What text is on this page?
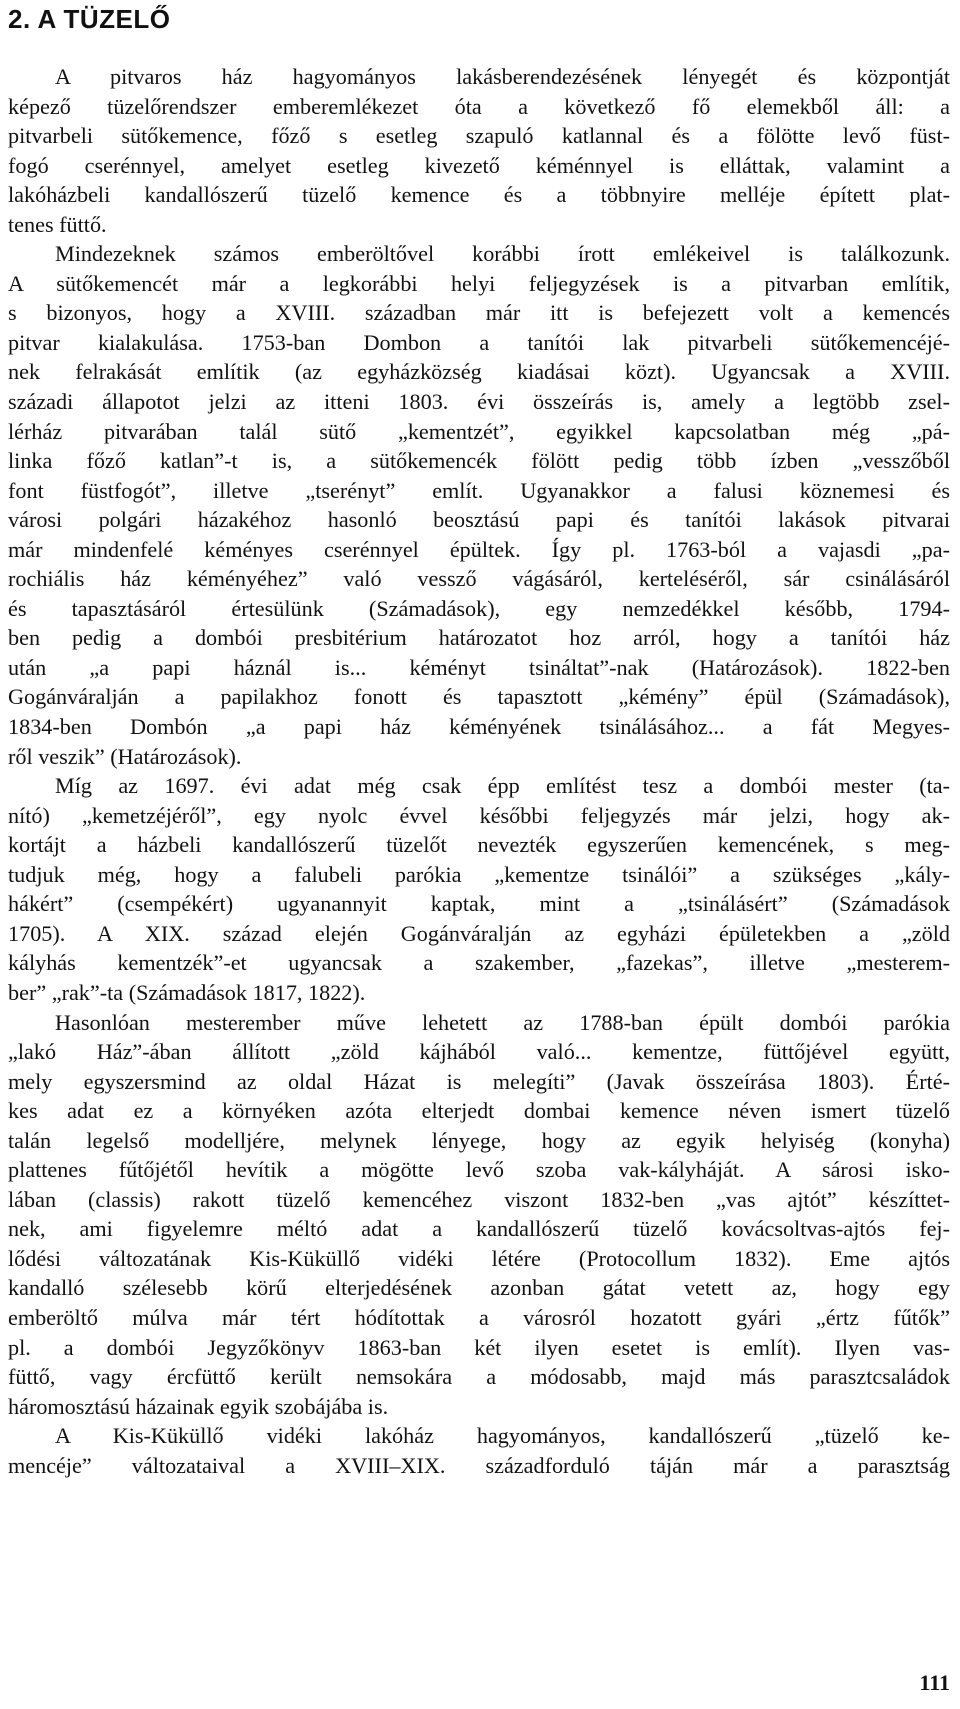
2. A TÜZELŐ
A pitvaros ház hagyományos lakásberendezésének lényegét és központját
képező tüzelőrendszer emberemlékezet óta a következő fő elemekből áll: a
pitvarbeli sütőkemence, főző s esetleg szapuló katlannal és a fölötte levő füst-
fogó cserénnyel, amelyet esetleg kivezető kéménnyel is elláttak, valamint a
lakóházbeli kandallószerű tüzelő kemence és a többnyire melléje épített plat-
tenes füttő.
Mindezeknek számos emberöltővel korábbi írott emlékeivel is találkozunk.
A sütőkemencét már a legkorábbi helyi feljegyzések is a pitvarban említik,
s bizonyos, hogy a XVIII. században már itt is befejezett volt a kemencés
pitvar kialakulása. 1753-ban Dombon a tanítói lak pitvarbeli sütőkemencéjé-
nek felrakását említik (az egyházközség kiadásai közt). Ugyancsak a XVIII.
századi állapotot jelzi az itteni 1803. évi összeírás is, amely a legtöbb zsel-
lérház pitvarában talál sütő „kementzét”, egyikkel kapcsolatban még „pá-
linka főző katlan”-t is, a sütőkemencék fölött pedig több ízben „vesszőből
font füstfogót”, illetve „tserényt” említ. Ugyanakkor a falusi köznemesi és
városi polgári házakéhoz hasonló beosztású papi és tanítói lakások pitvarai
már mindenfelé kéményes cserénnyel épültek. Így pl. 1763-ból a vajasdi „pa-
rochiális ház kéményéhez” való vessző vágásáról, kerteléséről, sár csinálásáról
és tapasztásáról értesülünk (Számadások), egy nemzedékkel később, 1794-
ben pedig a dombói presbitérium határozatot hoz arról, hogy a tanítói ház
után „a papi háznál is... kéményt tsináltat”-nak (Határozások). 1822-ben
Gogánváralján a papilakhoz fonott és tapasztott „kémény” épül (Számadások),
1834-ben Dombón „a papi ház kéményének tsinálásához... a fát Megyes-
ről veszik” (Határozások).
Míg az 1697. évi adat még csak épp említést tesz a dombói mester (ta-
nító) „kemetzéjéről”, egy nyolc évvel későbbi feljegyzés már jelzi, hogy ak-
kortájt a házbeli kandallószerű tüzelőt nevezték egyszerűen kemencének, s meg-
tudjuk még, hogy a falubeli parókia „kementze tsinálói” a szükséges „kály-
hákért” (csempékért) ugyanannyit kaptak, mint a „tsinálásért” (Számadások
1705). A XIX. század elején Gogánváralján az egyházi épületekben a „zöld
kályhás kementzék”-et ugyancsak a szakember, „fazekas”, illetve „mesterem-
ber” „rak”-ta (Számadások 1817, 1822).
Hasonlóan mesterember műve lehetett az 1788-ban épült dombói parókia
„lakó Ház”-ában állított „zöld kájhából való... kementze, füttőjével együtt,
mely egyszersmind az oldal Házat is melegíti” (Javak összeírása 1803). Érté-
kes adat ez a környéken azóta elterjedt dombai kemence néven ismert tüzelő
talán legelső modelljére, melynek lényege, hogy az egyik helyiség (konyha)
plattenes fűtőjétől hevítik a mögötte levő szoba vak-kályháját. A sárosi isko-
lában (classis) rakott tüzelő kemencéhez viszont 1832-ben „vas ajtót” készíttet-
nek, ami figyelemre méltó adat a kandallószerű tüzelő kovácsoltvas-ajtós fej-
lődési változatának Kis-Küküllő vidéki létére (Protocollum 1832). Eme ajtós
kandalló szélesebb körű elterjedésének azonban gátat vetett az, hogy egy
emberöltő múlva már tért hódítottak a városról hozatott gyári „értz fűtők”
pl. a dombói Jegyzőkönyv 1863-ban két ilyen esetet is említ). Ilyen vas-
füttő, vagy ércfüttő került nemsokára a módosabb, majd más parasztcsaládok
háromosztású házainak egyik szobájába is.
A Kis-Küküllő vidéki lakóház hagyományos, kandallószerű „tüzelő ke-
mencéje” változataival a XVIII–XIX. századforduló táján már a parasztság
111
